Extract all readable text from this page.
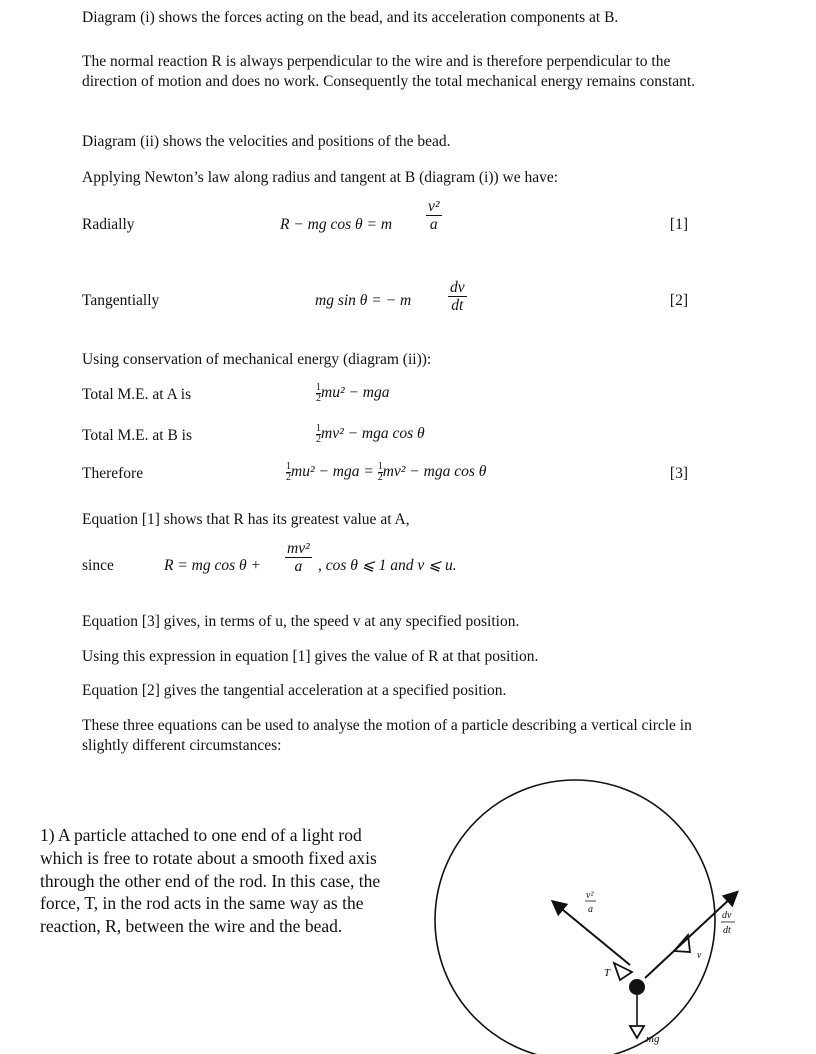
Diagram (i) shows the forces acting on the bead, and its acceleration components at B.
The normal reaction R is always perpendicular to the wire and is therefore perpendicular to the direction of motion and does no work. Consequently the total mechanical energy remains constant.
Diagram (ii) shows the velocities and positions of the bead.
Applying Newton’s law along radius and tangent at B (diagram (i)) we have:
Radially	R − mg cos θ = m $\frac{\text{v²}}{a}$	[1]
Tangentially	mg sin θ = − m $\frac{dv}{dt}$	[2]
Using conservation of mechanical energy (diagram (ii)):
Total M.E. at A is	$\frac{1}{2} mu^2$ − mga
Total M.E. at B is	$\frac{1}{2} mv^2$ − mga cos θ
Therefore	$\frac{1}{2} mu^2$ − mga = $\frac{1}{2} mv^2$ − mga cos θ	[3]
Equation [1] shows that R has its greatest value at A,
since	R = mg $\cos \theta + \frac{\text{mv²}}{a}$ , cos θ ⩽ 1 and v ⩽ u.
Equation [3] gives, in terms of u, the speed v at any specified position.
Using this expression in equation [1] gives the value of R at that position.
Equation [2] gives the tangential acceleration at a specified position.
These three equations can be used to analyse the motion of a particle describing a vertical circle in slightly different circumstances:
1) A particle attached to one end of a light rod which is free to rotate about a smooth fixed axis through the other end of the rod. In this case, the force, T, in the rod acts in the same way as the reaction, R, between the wire and the bead.
v²
a
dv
dt
v
T
mg
